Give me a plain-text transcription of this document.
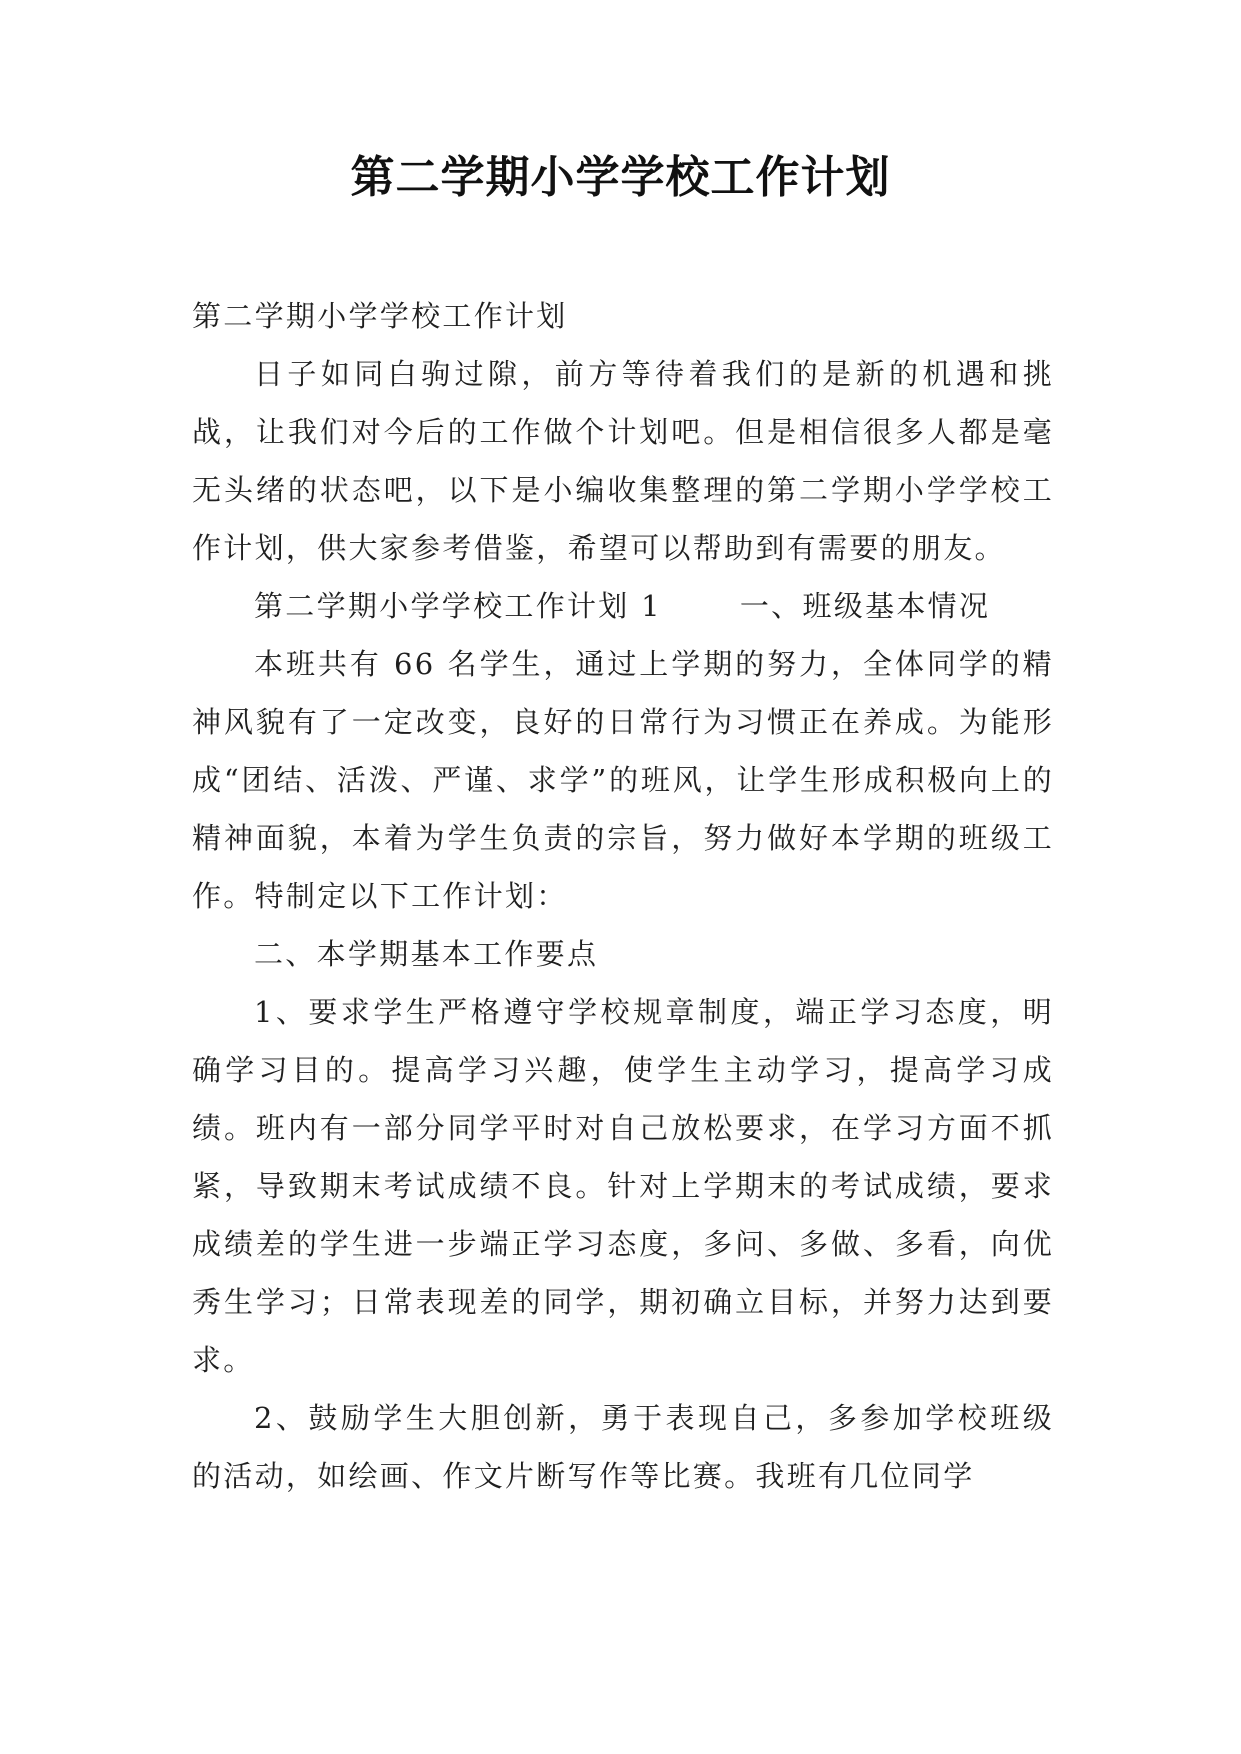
第二学期小学学校工作计划

第二学期小学学校工作计划

日子如同白驹过隙，前方等待着我们的是新的机遇和挑战，让我们对今后的工作做个计划吧。但是相信很多人都是毫无头绪的状态吧，以下是小编收集整理的第二学期小学学校工作计划，供大家参考借鉴，希望可以帮助到有需要的朋友。

第二学期小学学校工作计划 1	一、班级基本情况

本班共有 66 名学生，通过上学期的努力，全体同学的精神风貌有了一定改变，良好的日常行为习惯正在养成。为能形成“团结、活泼、严谨、求学”的班风，让学生形成积极向上的精神面貌，本着为学生负责的宗旨，努力做好本学期的班级工作。特制定以下工作计划：

二、本学期基本工作要点

1、要求学生严格遵守学校规章制度，端正学习态度，明确学习目的。提高学习兴趣，使学生主动学习，提高学习成绩。班内有一部分同学平时对自己放松要求，在学习方面不抓紧，导致期末考试成绩不良。针对上学期末的考试成绩，要求成绩差的学生进一步端正学习态度，多问、多做、多看，向优秀生学习；日常表现差的同学，期初确立目标，并努力达到要求。

2、鼓励学生大胆创新，勇于表现自己，多参加学校班级的活动，如绘画、作文片断写作等比赛。我班有几位同学
